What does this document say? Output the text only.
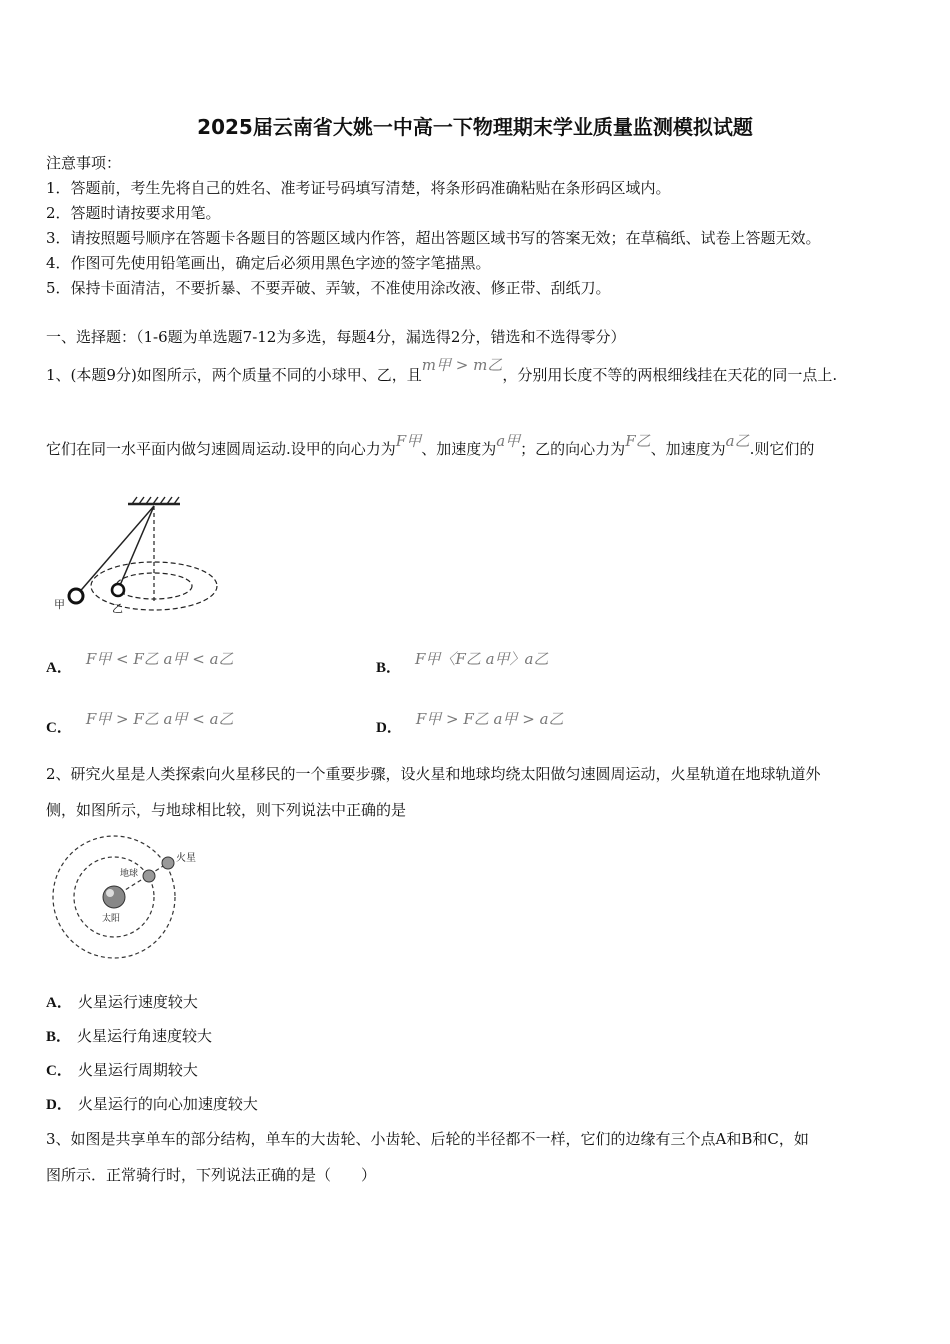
2025届云南省大姚一中高一下物理期末学业质量监测模拟试题
注意事项：
1．答题前，考生先将自己的姓名、准考证号码填写清楚，将条形码准确粘贴在条形码区域内。
2．答题时请按要求用笔。
3．请按照题号顺序在答题卡各题目的答题区域内作答，超出答题区域书写的答案无效；在草稿纸、试卷上答题无效。
4．作图可先使用铅笔画出，确定后必须用黑色字迹的签字笔描黑。
5．保持卡面清洁，不要折暴、不要弄破、弄皱，不准使用涂改液、修正带、刮纸刀。
一、选择题：（1-6题为单选题7-12为多选，每题4分，漏选得2分，错选和不选得零分）
1、(本题9分)如图所示，两个质量不同的小球甲、乙，且m甲 > m乙，分别用长度不等的两根细线挂在天花的同一点上.
它们在同一水平面内做匀速圆周运动.设甲的向心力为F甲、加速度为a甲；乙的向心力为F乙、加速度为a乙.则它们的
甲	乙
A． F甲 < F乙 a甲 < a乙	B． F甲〈F乙 a甲〉a乙
C． F甲 > F乙 a甲 < a乙	D． F甲 > F乙 a甲 > a乙
2、研究火星是人类探索向火星移民的一个重要步骤，设火星和地球均绕太阳做匀速圆周运动，火星轨道在地球轨道外
侧，如图所示，与地球相比较，则下列说法中正确的是
火星
地球
太阳
A． 火星运行速度较大
B． 火星运行角速度较大
C． 火星运行周期较大
D． 火星运行的向心加速度较大
3、如图是共享单车的部分结构，单车的大齿轮、小齿轮、后轮的半径都不一样，它们的边缘有三个点A和B和C，如
图所示．正常骑行时，下列说法正确的是（　　）
